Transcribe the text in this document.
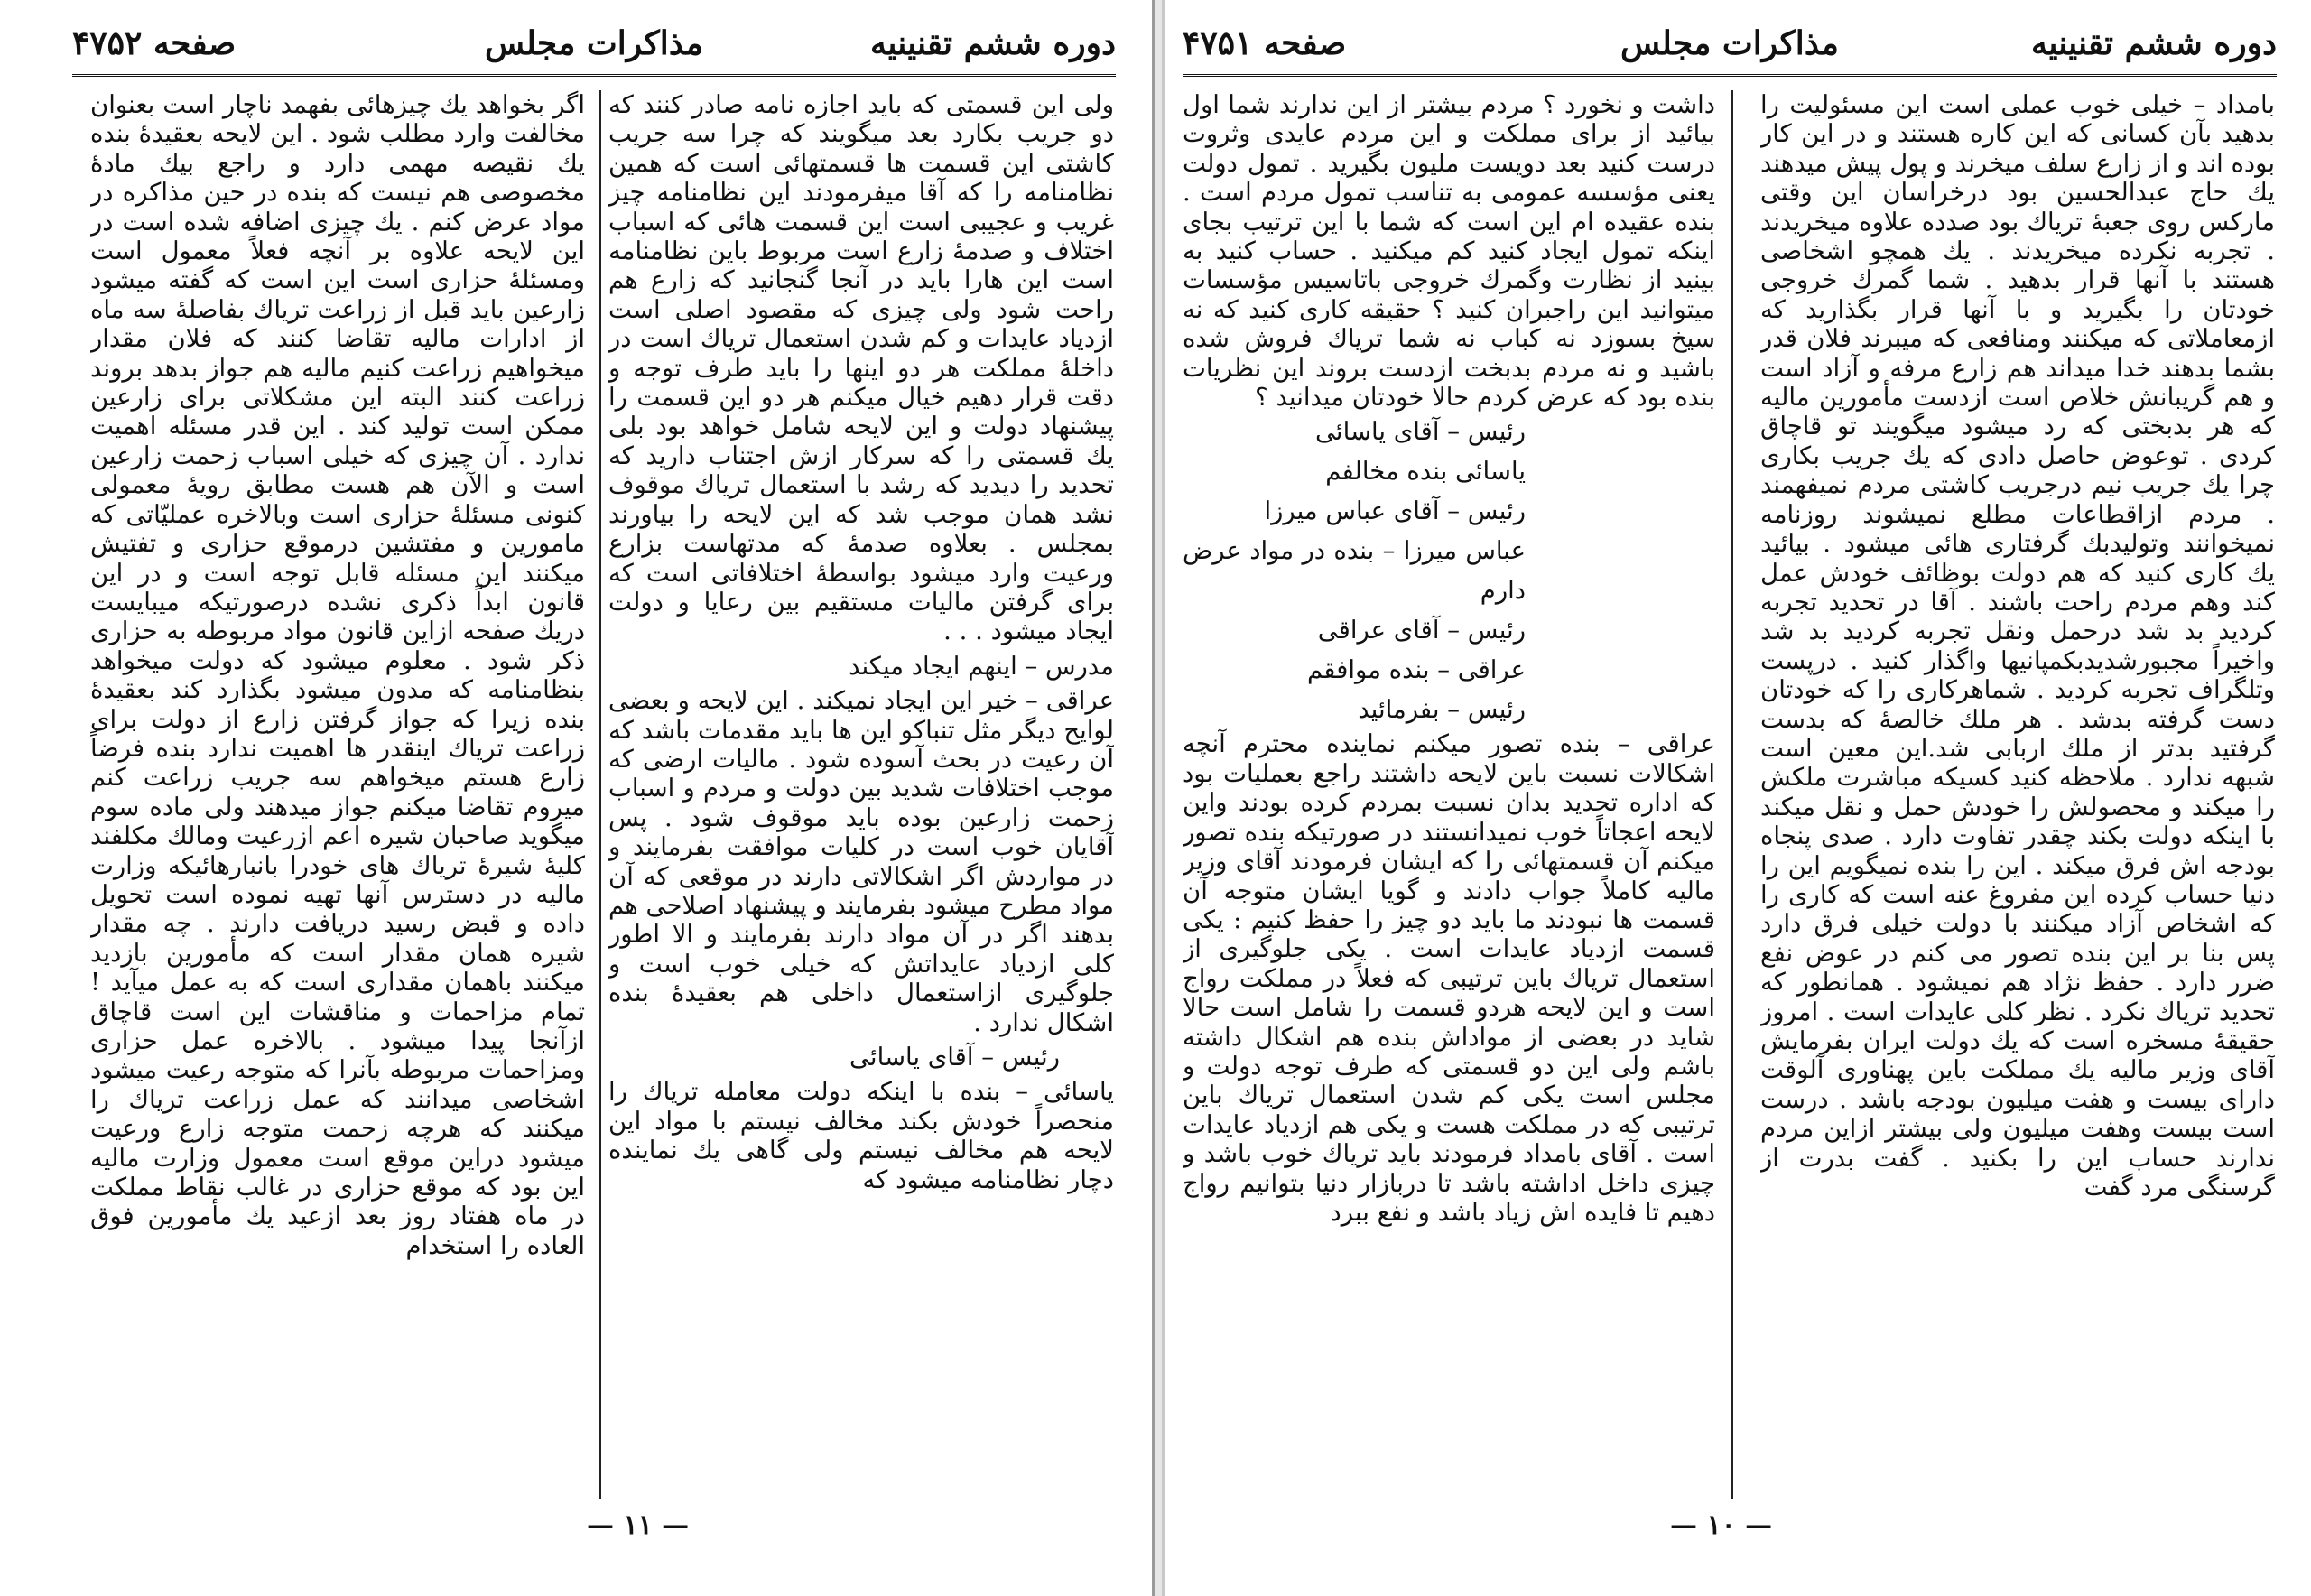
دوره ششم تقنينيه
مذاكرات مجلس
صفحه ۴۷۵۲

ولى اين قسمتى كه بايد اجازه نامه صادر كنند كه دو جريب بكارد بعد ميگويند كه چرا سه جريب كاشتى اين قسمت ها قسمتهائى است كه همين نظامنامه را كه آقا ميفرمودند اين نظامنامه چيز غريب و عجيبى است اين قسمت هائى كه اسباب اختلاف و صدمهٔ زارع است مربوط باين نظامنامه است اين هارا بايد در آنجا گنجانيد كه زارع هم راحت شود ولى چيزى كه مقصود اصلى است ازدياد عايدات و كم شدن استعمال ترياك است در داخلهٔ مملكت هر دو اينها را بايد طرف توجه و دقت قرار دهيم خيال ميكنم هر دو اين قسمت را پيشنهاد دولت و اين لايحه شامل خواهد بود بلى يك قسمتى را كه سركار ازش اجتناب داريد كه تحديد را ديديد كه رشد با استعمال ترياك موقوف نشد همان موجب شد كه اين لايحه را بياورند بمجلس . بعلاوه صدمهٔ كه مدتهاست بزارع ورعيت وارد ميشود بواسطهٔ اختلافاتى است كه براى گرفتن ماليات مستقيم بين رعايا و دولت ايجاد ميشود . . .

مدرس – اينهم ايجاد ميكند

عراقى – خير اين ايجاد نميكند . اين لايحه و بعضى لوايح ديگر مثل تنباكو اين ها بايد مقدمات باشد كه آن رعيت در بحث آسوده شود . ماليات ارضى كه موجب اختلافات شديد بين دولت و مردم و اسباب زحمت زارعين بوده بايد موقوف شود . پس آقايان خوب است در كليات موافقت بفرمايند و در مواردش اگر اشكالاتى دارند در موقعى كه آن مواد مطرح ميشود بفرمايند و پيشنهاد اصلاحى هم بدهند اگر در آن مواد دارند بفرمايند و الا اطور كلى ازدياد عايداتش كه خيلى خوب است و جلوگيرى ازاستعمال داخلى هم بعقيدهٔ بنده اشكال ندارد .

رئيس – آقاى ياسائى

ياسائى – بنده با اينكه دولت معامله ترياك را منحصراً خودش بكند مخالف نيستم با مواد اين لايحه هم مخالف نيستم ولى گاهى يك نماينده دچار نظامنامه ميشود كه

اگر بخواهد يك چيزهائى بفهمد ناچار است بعنوان مخالفت وارد مطلب شود . اين لايحه بعقيدهٔ بنده يك نقيصه مهمى دارد و راجع بيك مادهٔ مخصوصى هم نيست كه بنده در حين مذاكره در مواد عرض كنم . يك چيزى اضافه شده است در اين لايحه علاوه بر آنچه فعلاً معمول است ومسئلهٔ حزارى است اين است كه گفته ميشود زارعين بايد قبل از زراعت ترياك بفاصلهٔ سه ماه از ادارات ماليه تقاضا كنند كه فلان مقدار ميخواهيم زراعت كنيم ماليه هم جواز بدهد بروند زراعت كنند البته اين مشكلاتى براى زارعين ممكن است توليد كند . اين قدر مسئله اهميت ندارد . آن چيزى كه خيلى اسباب زحمت زارعين است و الآن هم هست مطابق رويهٔ معمولى كنونى مسئلهٔ حزارى است وبالاخره عمليّاتى كه مامورين و مفتشين درموقع حزارى و تفتيش ميكنند اين مسئله قابل توجه است و در اين قانون ابداً ذكرى نشده درصورتيكه ميبايست دريك صفحه ازاين قانون مواد مربوطه به حزارى ذكر شود . معلوم ميشود كه دولت ميخواهد بنظامنامه كه مدون ميشود بگذارد كند بعقيدهٔ بنده زيرا كه جواز گرفتن زارع از دولت براى زراعت ترياك اينقدر ها اهميت ندارد بنده فرضاً زارع هستم ميخواهم سه جريب زراعت كنم ميروم تقاضا ميكنم جواز ميدهند ولى ماده سوم ميگويد صاحبان شيره اعم ازرعيت ومالك مكلفند كليهٔ شيرهٔ ترياك هاى خودرا بانبارهائيكه وزارت ماليه در دسترس آنها تهيه نموده است تحويل داده و قبض رسيد دريافت دارند . چه مقدار شيره همان مقدار است كه مأمورين بازديد ميكنند باهمان مقدارى است كه به عمل ميآيد ! تمام مزاحمات و مناقشات اين است قاچاق ازآنجا پيدا ميشود . بالاخره عمل حزارى ومزاحمات مربوطه بآنرا كه متوجه رعيت ميشود اشخاصى ميدانند كه عمل زراعت ترياك را ميكنند كه هرچه زحمت متوجه زارع ورعيت ميشود دراين موقع است معمول وزارت ماليه اين بود كه موقع حزارى در غالب نقاط مملكت در ماه هفتاد روز بعد ازعيد يك مأمورين فوق العاده را استخدام

— ۱۱ —
دوره ششم تقنينيه
مذاكرات مجلس
صفحه ۴۷۵۱

بامداد – خيلى خوب عملى است اين مسئوليت را بدهيد بآن كسانى كه اين كاره هستند و در اين كار بوده اند و از زارع سلف ميخرند و پول پيش ميدهند يك حاج عبدالحسين بود درخراسان اين وقتى ماركس روى جعبهٔ ترياك بود صدده علاوه ميخريدند . تجربه نكرده ميخريدند . يك همچو اشخاصى هستند با آنها قرار بدهيد . شما گمرك خروجى خودتان را بگيريد و با آنها قرار بگذاريد كه ازمعاملاتى كه ميكنند ومنافعى كه ميبرند فلان قدر بشما بدهند خدا ميداند هم زارع مرفه و آزاد است و هم گريبانش خلاص است ازدست مأمورين ماليه كه هر بدبختى كه رد ميشود ميگويند تو قاچاق كردى . توعوض حاصل دادى كه يك جريب بكارى چرا يك جريب نيم درجريب كاشتى مردم نميفهمند . مردم ازاقطاعات مطلع نميشوند روزنامه نميخوانند وتوليدبك گرفتارى هائى ميشود . بيائيد يك كارى كنيد كه هم دولت بوظائف خودش عمل كند وهم مردم راحت باشند . آقا در تحديد تجربه كرديد بد شد درحمل ونقل تجربه كرديد بد شد واخيراً مجبورشديدبكمپانيها واگذار كنيد . درپست وتلگراف تجربه كرديد . شماهركارى را كه خودتان دست گرفته بدشد . هر ملك خالصهٔ كه بدست گرفتيد بدتر از ملك اربابى شد.اين معين است شبهه ندارد . ملاحظه كنيد كسيكه مباشرت ملكش را ميكند و محصولش را خودش حمل و نقل ميكند با اينكه دولت بكند چقدر تفاوت دارد . صدى پنجاه بودجه اش فرق ميكند . اين را بنده نميگويم اين را دنيا حساب كرده اين مفروغ عنه است كه كارى را كه اشخاص آزاد ميكنند با دولت خيلى فرق دارد پس بنا بر اين بنده تصور مى كنم در عوض نفع ضرر دارد . حفظ نژاد هم نميشود . همانطور كه تحديد ترياك نكرد . نظر كلى عايدات است . امروز حقيقهٔ مسخره است كه يك دولت ايران بفرمايش آقاى وزير ماليه يك مملكت باين پهناورى آلوقت داراى بيست و هفت ميليون بودجه باشد . درست است بيست وهفت ميليون ولى بيشتر ازاين مردم ندارند حساب اين را بكنيد . گفت بدرت از گرسنگى مرد گفت

داشت و نخورد ؟ مردم بيشتر از اين ندارند شما اول بيائيد از براى مملكت و اين مردم عايدى وثروت درست كنيد بعد دويست مليون بگيريد . تمول دولت يعنى مؤسسه عمومى به تناسب تمول مردم است . بنده عقيده ام اين است كه شما با اين ترتيب بجاى اينكه تمول ايجاد كنيد كم ميكنيد . حساب كنيد به بينيد از نظارت وگمرك خروجى باتاسيس مؤسسات ميتوانيد اين راجبران كنيد ؟ حقيقه كارى كنيد كه نه سيخ بسوزد نه كباب نه شما ترياك فروش شده باشيد و نه مردم بدبخت ازدست بروند اين نظريات بنده بود كه عرض كردم حالا خودتان ميدانيد ؟

رئيس – آقاى ياسائى
ياسائى بنده مخالفم
رئيس – آقاى عباس ميرزا
عباس ميرزا – بنده در مواد عرض دارم
رئيس – آقاى عراقى
عراقى – بنده موافقم
رئيس – بفرمائيد

عراقى – بنده تصور ميكنم نماينده محترم آنچه اشكالات نسبت باين لايحه داشتند راجع بعمليات بود كه اداره تحديد بدان نسبت بمردم كرده بودند واين لايحه اعجاتاً خوب نميدانستند در صورتيكه بنده تصور ميكنم آن قسمتهائى را كه ايشان فرمودند آقاى وزير ماليه كاملاً جواب دادند و گويا ايشان متوجه آن قسمت ها نبودند ما بايد دو چيز را حفظ كنيم : يكى قسمت ازدياد عايدات است . يكى جلوگيرى از استعمال ترياك باين ترتيبى كه فعلاً در مملكت رواج است و اين لايحه هردو قسمت را شامل است حالا شايد در بعضى از مواداش بنده هم اشكال داشته باشم ولى اين دو قسمتى كه طرف توجه دولت و مجلس است يكى كم شدن استعمال ترياك باين ترتيبى كه در مملكت هست و يكى هم ازدياد عايدات است . آقاى بامداد فرمودند بايد ترياك خوب باشد و چيزى داخل اداشته باشد تا دربازار دنيا بتوانيم رواج دهيم تا فايده اش زياد باشد و نفع ببرد

— ۱۰ —
